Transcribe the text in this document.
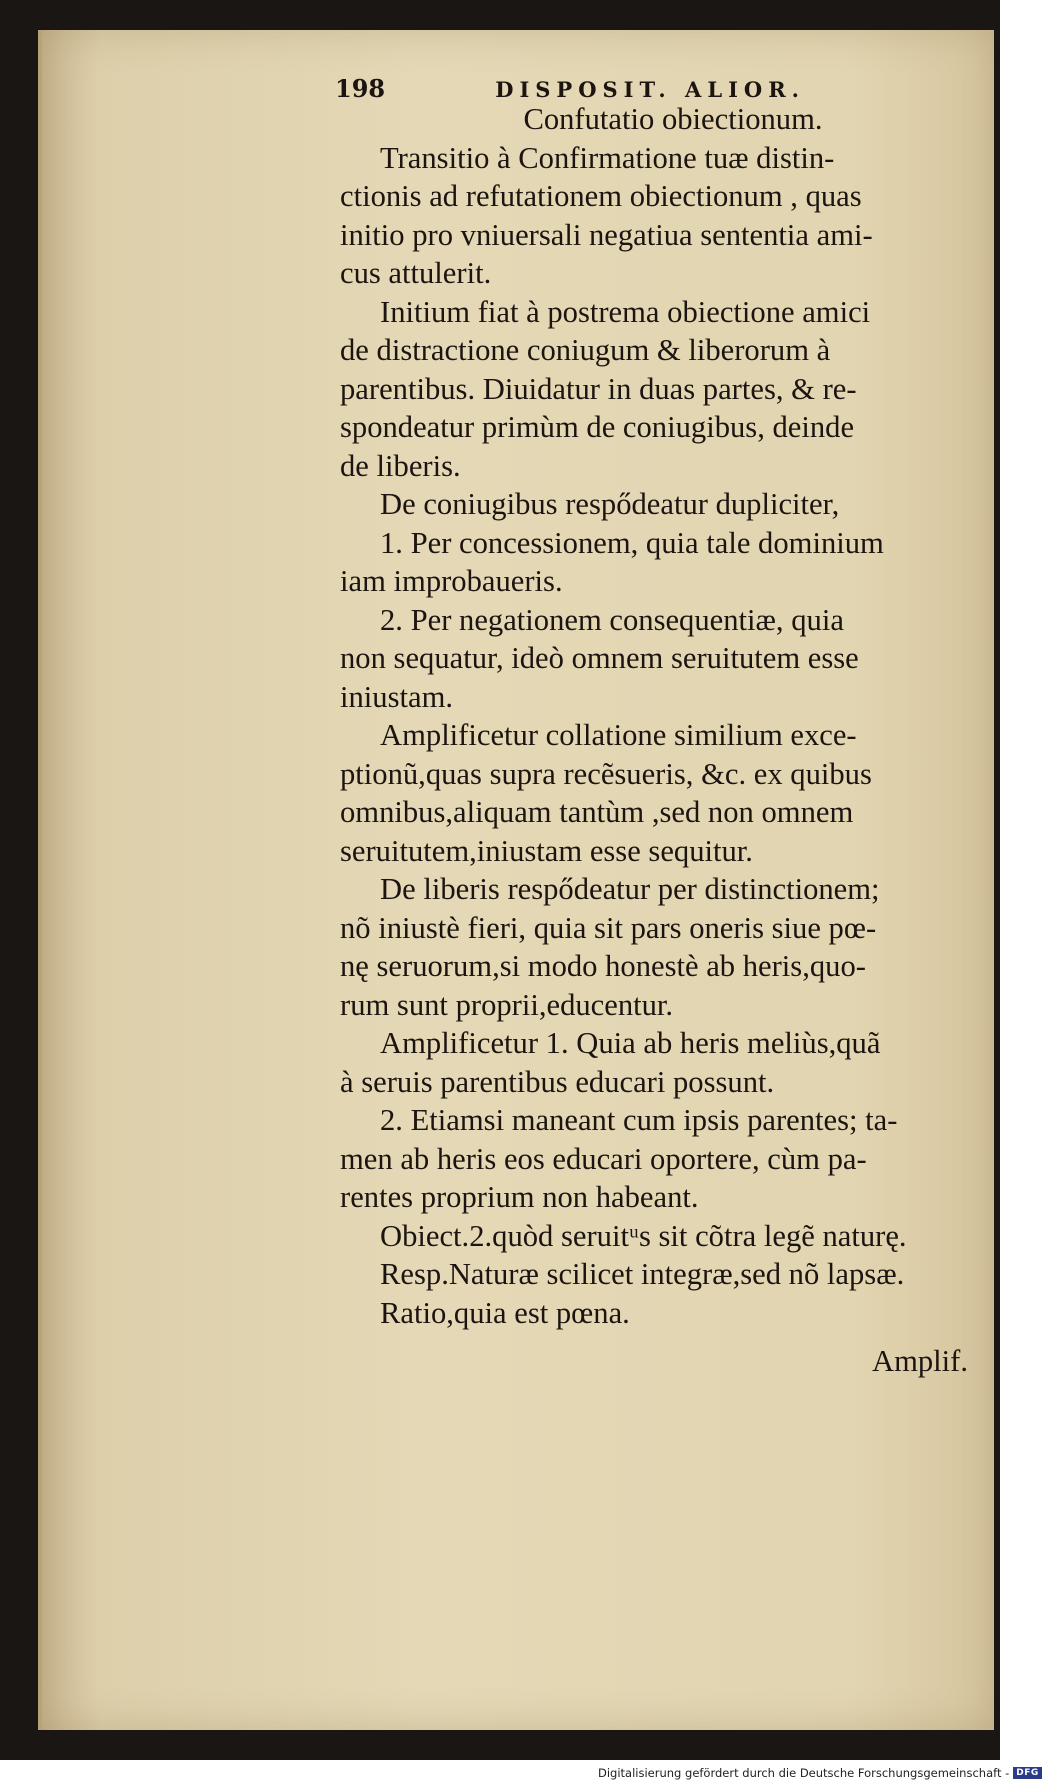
198	DISPOSIT. ALIOR.
Confutatio obiectionum.
Transitio à Confirmatione tuæ distin-
ctionis ad refutationem obiectionum , quas
initio pro vniuersali negatiua sententia ami-
cus attulerit.
Initium fiat à postrema obiectione amici
de distractione coniugum & liberorum à
parentibus. Diuidatur in duas partes, & re-
spondeatur primùm de coniugibus, deinde
de liberis.
De coniugibus respődeatur dupliciter,
1. Per concessionem, quia tale dominium
iam improbaueris.
2. Per negationem consequentiæ, quia
non sequatur, ideò omnem seruitutem esse
iniustam.
Amplificetur collatione similium exce-
ptionũ,quas supra recẽsueris, &c. ex quibus
omnibus,aliquam tantùm ,sed non omnem
seruitutem,iniustam esse sequitur.
De liberis respődeatur per distinctionem;
nõ iniustè fieri, quia sit pars oneris siue pœ-
nę seruorum,si modo honestè ab heris,quo-
rum sunt proprii,educentur.
Amplificetur 1. Quia ab heris meliùs,quã
à seruis parentibus educari possunt.
2. Etiamsi maneant cum ipsis parentes; ta-
men ab heris eos educari oportere, cùm pa-
rentes proprium non habeant.
Obiect.2.quòd seruitᵘs sit cõtra legẽ naturę.
Resp.Naturæ scilicet integræ,sed nõ lapsæ.
Ratio,quia est pœna.
Amplif.
Digitalisierung gefördert durch die Deutsche Forschungsgemeinschaft - DFG
